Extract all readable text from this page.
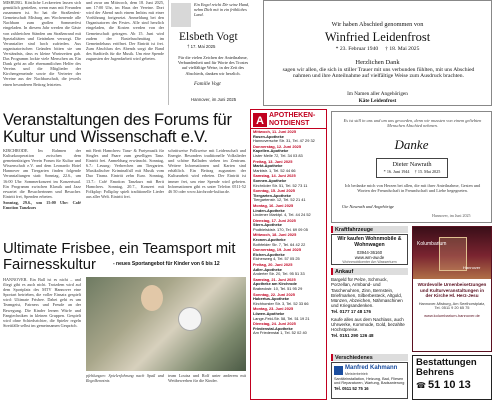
MISBURG. Köstliche Leckereien lassen sich gemütlich genießen, wenn man mit Freunden zusammen ist. So hat die Straßenfest-Gemeinschaft Misburg am Wochenende alle Nachbarn zum großen Sommerfest eingeladen. In diesem Jahr werden die Gäste von zahlreichen Ständen am Straßenrand mit Spezialitäten und Getränken versorgt. Die Veranstalter sind hoch zufrieden. Aus organisatorischen Gründen bitten sie um Verständnis, dass es kleine Wartezeiten gab. Das Programm lockte viele Menschen an. Ein Dank geht an alle ehrenamtlichen Helfer des Vereins und die Mitglieder der Kirchengemeinde sowie die Vertreter der Vereine aus der Nachbarschaft, die jeweils einen besonderen Beitrag leisteten.
und zwar am Mittwoch, dem 18. Juni 2025, um 17:00 Uhr, im Haus der Vereine. Dort wird der Abend nach einem Imbiss mit einer Vorführung fortgesetzt. Anmeldung bei den Organisatoren des Festes. Alle sind herzlich eingeladen, die Kosten werden von der Gemeinschaft getragen. Ab 15. Juni wird zudem der Bastelnachmittag im Gemeindehaus eröffnet. Der Eintritt ist frei. Zum Abschluss des Abends sorgt die Band des Stadtteils für die Musik. Um eine Spende zugunsten der Jugendarbeit wird gebeten.
Ein Engel reicht Dir seine Hand, nehm Dich mit in ein fröhliches Land.
Elsbeth Vogt
† 17. Mai 2025
Für die vielen Zeichen der Anteilnahme, Verbundenheit und für Worte des Trostes auf vielfältige Weise, in der Zeit des Abschieds, danken wir herzlich.
Familie Vogt
Hannover, im Juni 2025
Wir haben Abschied genommen von
Winfried Leidenfrost
* 23. Februar 1940     † 18. Mai 2025
Herzlichen Dank
sagen wir allen, die sich in stiller Trauer mit uns verbunden fühlten, mit uns Abschied nahmen und ihre Anteilnahme auf vielfältige Weise zum Ausdruck brachten.
Im Namen aller Angehörigen
Käte Leidenfrost
Veranstaltungen des Forums für Kultur und Wissenschaft e.V.
KIRCHRODE. Im Rahmen der Kulturkooperation zwischen dem gemeinnützigen Verein Forum für Kultur und Wissenschaft e.V. und dem Leonardo Hotel Hannover am Tiergarten finden folgende Veranstaltungen statt: Sonntag, 22.6., um 16:00 Uhr: Sommerkonzert im Konzertsaal. Ein Programm zwischen Klassik und Jazz erwartet die Besucherinnen und Besucher. Eintritt frei, Spenden erbeten.
Sonntag, 29.6., um 15:00 Uhr: Café Emotion Tanzkurs
mit Berit Hamchers: Tanz- & Partymusik für Singles und Paare zum geselligen Tanz. Eintritt frei. Anmeldung erwünscht. Sonntag, 6.7.: Lesung: Verbrechen am Tiergarten. Musikalischer Kriminalfall mit Musik vom Duo Tirana. Eintritt zehn Euro. Sonntag, 13.7.: Café Emotion Tanzkurs mit Berit Hamchers. Sonntag, 20.7., Konzert mit Folkplay: Folkplay spielt traditionelle Lieder aus aller Welt. Eintritt frei.
schrittweise Folkweise mit Leidenschaft und Energie. Besonders traditionelle Volkslieder und schöne Balladen stehen im Zentrum. Weitere Informationen und Karten sind erhältlich. Ein Beitrag zugunsten der Kulturarbeit wird erbeten. Der Eintritt ist immer frei, um eine Spende wird gebeten. Informationen gibt es unter Telefon 0511-52 46 50 oder www.kirchrode-kultur.de.
A APOTHEKEN-
NOTDIENST
Mittwoch, 11. Juni 2025
Rosen-Apotheke
Hannoversche Str. 31, Tel. 47 29 32
Donnerstag, 12. Juni 2025
Kapellen-Apotheke
Lister Meile 72, Tel. 34 03 83
Freitag, 13. Juni 2025
Markt-Apotheke
Marktstr. 1, Tel. 52 44 66
Samstag, 14. Juni 2025
Sonnen-Apotheke
Kirchröder Str. 51, Tel. 52 73 11
Sonntag, 15. Juni 2025
Tiergarten-Apotheke
Tiergartenstr. 12, Tel. 52 21 41
Montag, 16. Juni 2025
Linden-Apotheke
Lindener Marktpl. 4, Tel. 44 24 52
Dienstag, 17. Juni 2025
Stern-Apotheke
Podbielskistr. 170, Tel. 69 09 05
Mittwoch, 18. Juni 2025
Kronen-Apotheke
Bothfelder Str. 7, Tel. 64 42 22
Donnerstag, 19. Juni 2025
Eichen-Apotheke
Eichenweg 4, Tel. 57 05 25
Freitag, 20. Juni 2025
Adler-Apotheke
Anderter Str. 20, Tel. 95 51 33
Samstag, 21. Juni 2025
Apotheke am Kirchrode
Brabeckstr. 10, Tel. 51 95 29
Sonntag, 22. Juni 2025
Hubertus-Apotheke
Kirchhorster Str. 3, Tel. 52 33 66
Montag, 23. Juni 2025
Löwen-Apotheke
Lange-Feld-Str. 58, Tel. 51 19 21
Dienstag, 24. Juni 2025
Friedenstal-Apotheke
Am Friedenstal 1, Tel. 52 02 40
Es ist still in uns und um uns geworden, denn wir mussten von einem geliebten Menschen Abschied nehmen.
Danke
Dieter Nawrath
* 16. Juni 1944     † 15. Mai 2025
Ich bedanke mich von Herzen bei allen, die mit ihrer Anteilnahme, Gesten und Worten der Freundschaft in Freundschaft und Liebe begegneten.
Ute Nawrath und Angehörige
Hannover, im Juni 2025
Kraftfahrzeuge
Wir kaufen Wohnmobile & Wohnwagen
03944-36160
www.wm-aw.de
Wohnmobilcenter Am Wasserturm
Ankauf
Bargeld für Pelze, Schmuck, Porzellan, Armband- und Taschenuhren, Zinn, Bernstein, Briefmarken, Silberbesteck, Altgold, Münzen, Abzeichen, Nähmaschinen und Kriegsandenken.
Tel. 0177 17 48 176
Kaufe alles aus dem Nachlass, auch Uhrwerke, Kommode, Gold, bezahlte Höchstpreise.
Tel. 0151 290 126 48
Kolumbarium
Hannover
Würdevolle Urnenbeisetzungen und Kulturveranstaltungen in der Kirche Hl. Herz-Jesu
Hannover-Misburg, Am Seelhorstplatz, Tel. 0511 9 20 65 75
www.kolumbarium-hannover.de
Verschiedenes
Manfred Kahmann
Meisterbetrieb
Sanitärinstallation, Heizung, Bad, Fliesen und Reparaturen, Wartung, Badsanierung
Tel. 0511 52 75 16
Bestattungen
Behrens
☎ 51 10 13
Ultimate Frisbee, ein Teamsport mit Fairnesskultur	- neues Sportangebot für Kinder von 6 bis 12
HANNOVER. Ein Ball ist es nicht – und fliegt gibt es auch nicht. Trotzdem wird auf dem Sportplatz des MTV Hannover eine Sportart betrieben, die voller Einsatz gespielt wird: Ultimate Frisbee. Dabei geht es um Teamgeist, Fairness und Freude an der Bewegung. Die Kinder lernen Würfe und Fangtechniken in kleinen Gruppen. Gespielt wird ohne Schiedsrichter, die Spieler regeln Streitfälle selbst im gemeinsamen Gespräch.
pfehlungen: Spielerfahrung nach Spaß und Regelkenntnis
team Louisa und Rolf unter anderem mit Wettbewerben für die Kinder.
